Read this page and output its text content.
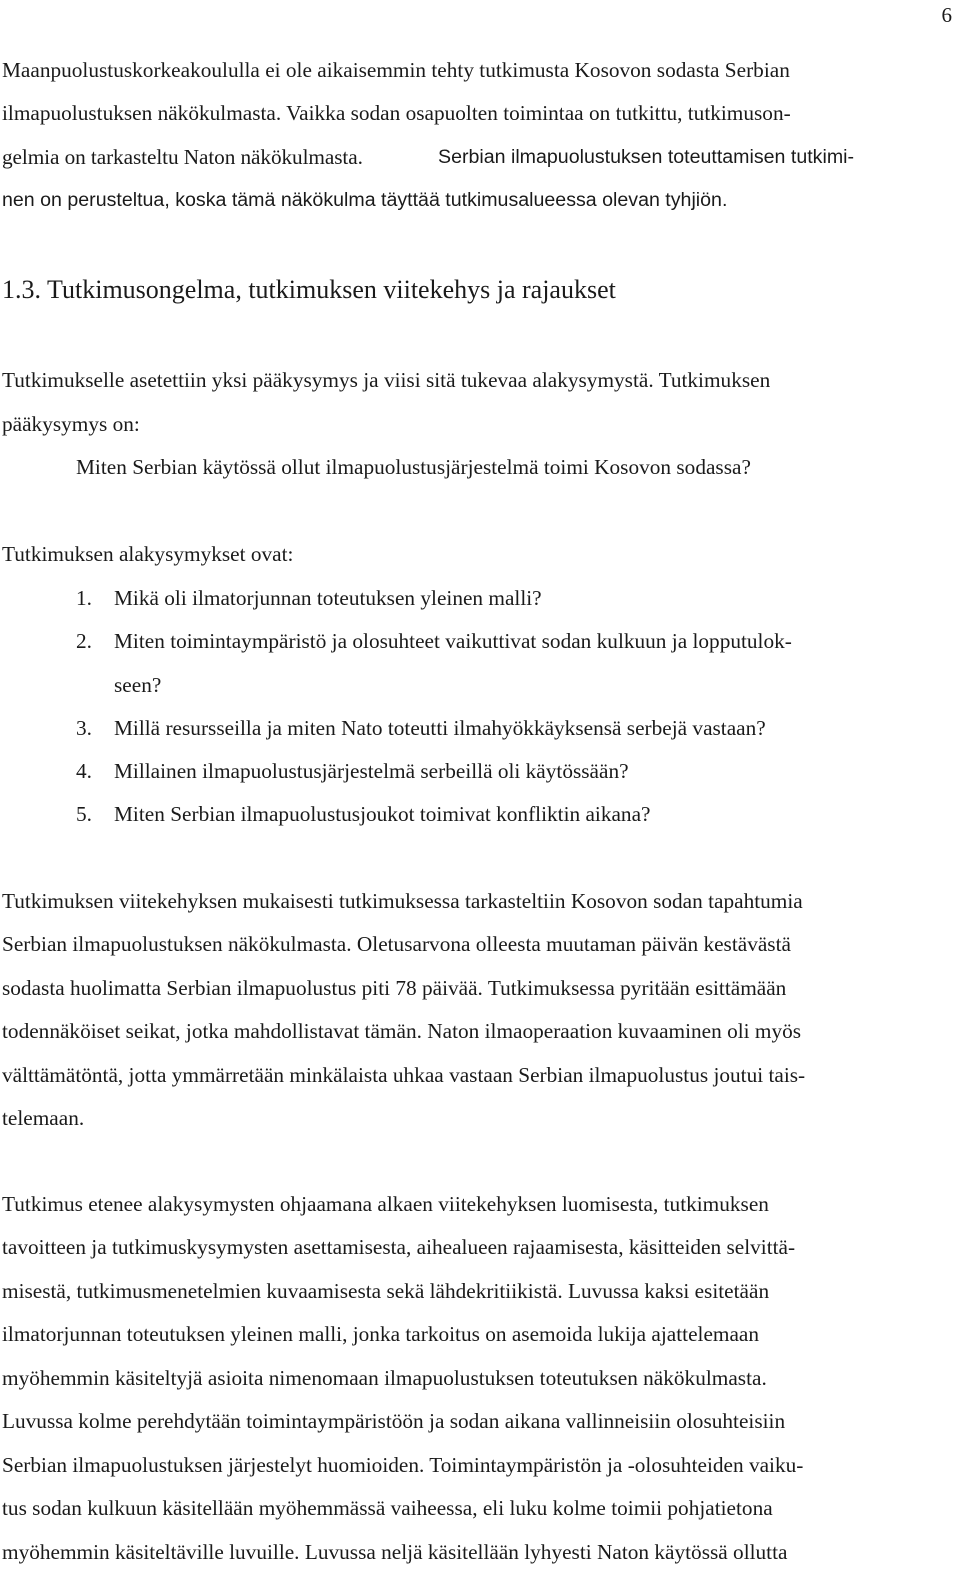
6
Maanpuolustuskorkeakoululla ei ole aikaisemmin tehty tutkimusta Kosovon sodasta Serbian
ilmapuolustuksen näkökulmasta. Vaikka sodan osapuolten toimintaa on tutkittu, tutkimuson-
gelmia on tarkasteltu Naton näkökulmasta.	Serbian ilmapuolustuksen toteuttamisen tutkimi-
nen on perusteltua, koska tämä näkökulma täyttää tutkimusalueessa olevan tyhjiön.
1.3. Tutkimusongelma, tutkimuksen viitekehys ja rajaukset
Tutkimukselle asetettiin yksi pääkysymys ja viisi sitä tukevaa alakysymystä. Tutkimuksen
pääkysymys on:
Miten Serbian käytössä ollut ilmapuolustusjärjestelmä toimi Kosovon sodassa?
Tutkimuksen alakysymykset ovat:
1. Mikä oli ilmatorjunnan toteutuksen yleinen malli?
2. Miten toimintaympäristö ja olosuhteet vaikuttivat sodan kulkuun ja lopputulok-
seen?
3. Millä resursseilla ja miten Nato toteutti ilmahyökkäyksensä serbejä vastaan?
4. Millainen ilmapuolustusjärjestelmä serbeillä oli käytössään?
5. Miten Serbian ilmapuolustusjoukot toimivat konfliktin aikana?
Tutkimuksen viitekehyksen mukaisesti tutkimuksessa tarkasteltiin Kosovon sodan tapahtumia
Serbian ilmapuolustuksen näkökulmasta. Oletusarvona olleesta muutaman päivän kestävästä
sodasta huolimatta Serbian ilmapuolustus piti 78 päivää. Tutkimuksessa pyritään esittämään
todennäköiset seikat, jotka mahdollistavat tämän. Naton ilmaoperaation kuvaaminen oli myös
välttämätöntä, jotta ymmärretään minkälaista uhkaa vastaan Serbian ilmapuolustus joutui tais-
telemaan.
Tutkimus etenee alakysymysten ohjaamana alkaen viitekehyksen luomisesta, tutkimuksen
tavoitteen ja tutkimuskysymysten asettamisesta, aihealueen rajaamisesta, käsitteiden selvittä-
misestä, tutkimusmenetelmien kuvaamisesta sekä lähdekritiikistä. Luvussa kaksi esitetään
ilmatorjunnan toteutuksen yleinen malli, jonka tarkoitus on asemoida lukija ajattelemaan
myöhemmin käsiteltyjä asioita nimenomaan ilmapuolustuksen toteutuksen näkökulmasta.
Luvussa kolme perehdytään toimintaympäristöön ja sodan aikana vallinneisiin olosuhteisiin
Serbian ilmapuolustuksen järjestelyt huomioiden. Toimintaympäristön ja -olosuhteiden vaiku-
tus sodan kulkuun käsitellään myöhemmässä vaiheessa, eli luku kolme toimii pohjatietona
myöhemmin käsiteltäville luvuille. Luvussa neljä käsitellään lyhyesti Naton käytössä ollutta
